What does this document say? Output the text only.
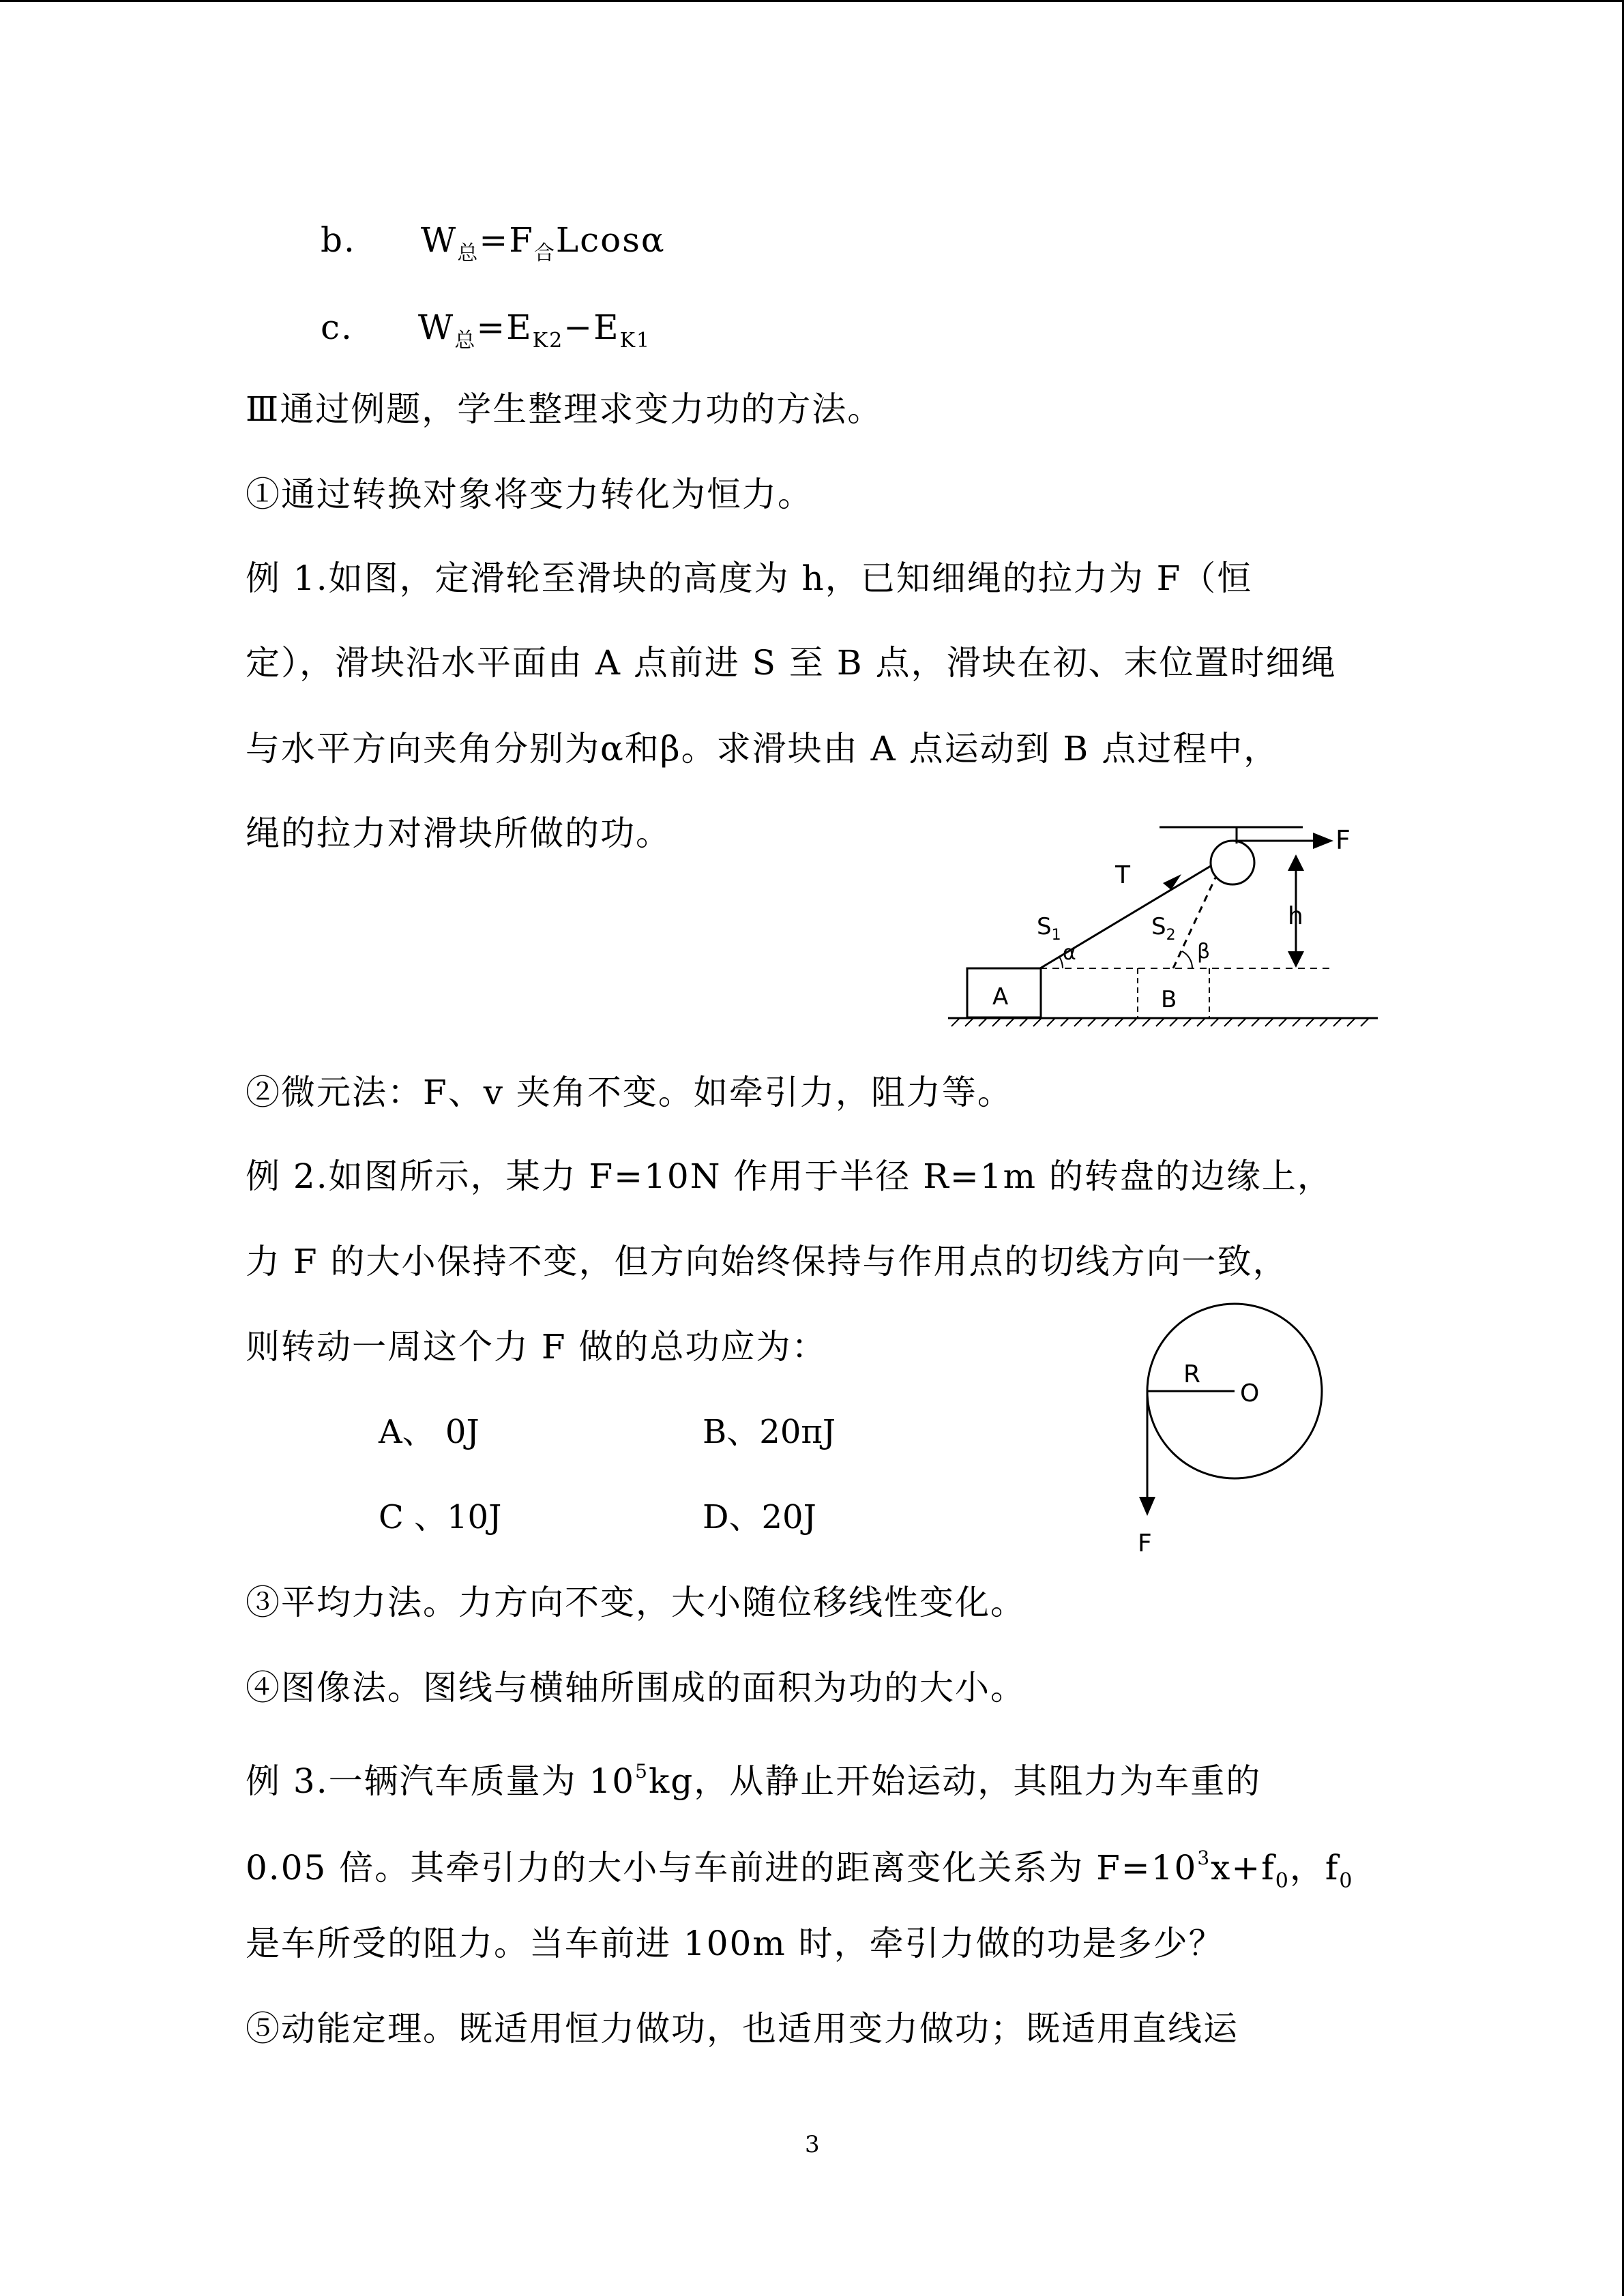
b. $W_总=F_合Lcos\alpha$
c. $W_总=E_{K2}-E_{K1}$
Ⅲ通过例题，学生整理求变力功的方法。
①通过转换对象将变力转化为恒力。
例 1.如图，定滑轮至滑块的高度为 h，已知细绳的拉力为 F（恒
定），滑块沿水平面由 A 点前进 S 至 B 点，滑块在初、末位置时细绳
与水平方向夹角分别为α和β。求滑块由 A 点运动到 B 点过程中，
绳的拉力对滑块所做的功。	F
T
$S_1$	$S_2$
α	β
h
A	B
②微元法：F、v 夹角不变。如牵引力，阻力等。
例 2.如图所示，某力 F=10N 作用于半径 R=1m 的转盘的边缘上，
力 F 的大小保持不变，但方向始终保持与作用点的切线方向一致，
则转动一周这个力 F 做的总功应为：
A、 0J	B、20πJ
C 、10J	D、20J
R
O
F
③平均力法。力方向不变，大小随位移线性变化。
④图像法。图线与横轴所围成的面积为功的大小。
例 3.一辆汽车质量为 $10^5kg$，从静止开始运动，其阻力为车重的
0.05 倍。其牵引力的大小与车前进的距离变化关系为 $F=10^3x+f_0$，$f_0$
是车所受的阻力。当车前进 100m 时，牵引力做的功是多少？
⑤动能定理。既适用恒力做功，也适用变力做功；既适用直线运
3
